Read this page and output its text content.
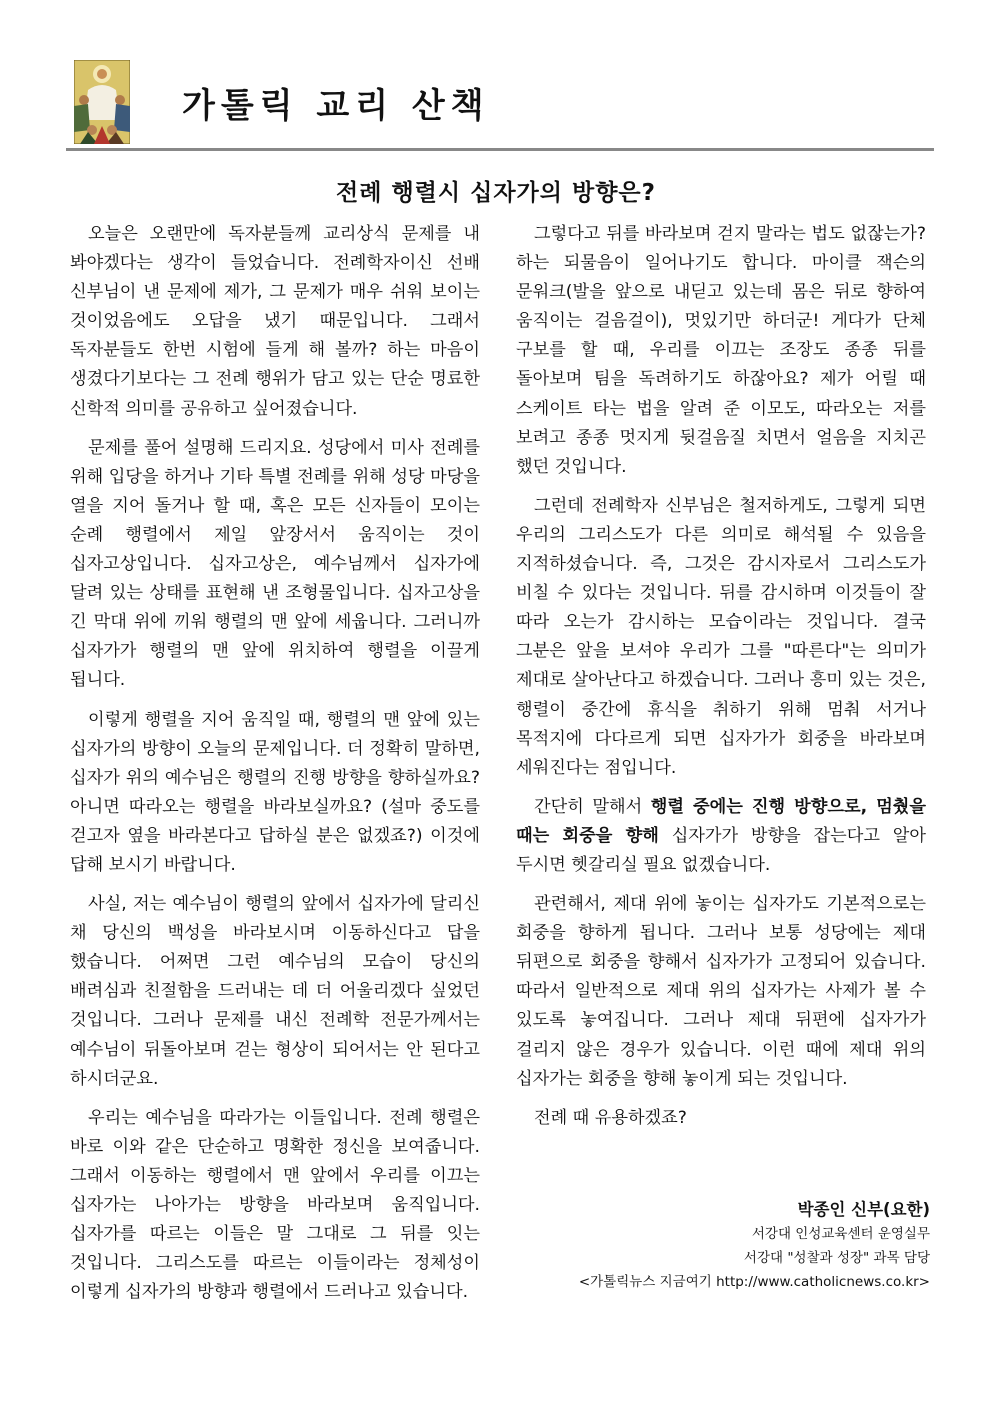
가톨릭 교리 산책
전례 행렬시 십자가의 방향은?

오늘은 오랜만에 독자분들께 교리상식 문제를 내 봐야겠다는 생각이 들었습니다. 전례학자이신 선배 신부님이 낸 문제에 제가, 그 문제가 매우 쉬워 보이는 것이었음에도 오답을 냈기 때문입니다. 그래서 독자분들도 한번 시험에 들게 해 볼까? 하는 마음이 생겼다기보다는 그 전례 행위가 담고 있는 단순 명료한 신학적 의미를 공유하고 싶어졌습니다.

문제를 풀어 설명해 드리지요. 성당에서 미사 전례를 위해 입당을 하거나 기타 특별 전례를 위해 성당 마당을 열을 지어 돌거나 할 때, 혹은 모든 신자들이 모이는 순례 행렬에서 제일 앞장서서 움직이는 것이 십자고상입니다. 십자고상은, 예수님께서 십자가에 달려 있는 상태를 표현해 낸 조형물입니다. 십자고상을 긴 막대 위에 끼워 행렬의 맨 앞에 세웁니다. 그러니까 십자가가 행렬의 맨 앞에 위치하여 행렬을 이끌게 됩니다.

이렇게 행렬을 지어 움직일 때, 행렬의 맨 앞에 있는 십자가의 방향이 오늘의 문제입니다. 더 정확히 말하면, 십자가 위의 예수님은 행렬의 진행 방향을 향하실까요? 아니면 따라오는 행렬을 바라보실까요? (설마 중도를 걷고자 옆을 바라본다고 답하실 분은 없겠죠?) 이것에 답해 보시기 바랍니다.

사실, 저는 예수님이 행렬의 앞에서 십자가에 달리신 채 당신의 백성을 바라보시며 이동하신다고 답을 했습니다. 어쩌면 그런 예수님의 모습이 당신의 배려심과 친절함을 드러내는 데 더 어울리겠다 싶었던 것입니다. 그러나 문제를 내신 전례학 전문가께서는 예수님이 뒤돌아보며 걷는 형상이 되어서는 안 된다고 하시더군요.

우리는 예수님을 따라가는 이들입니다. 전례 행렬은 바로 이와 같은 단순하고 명확한 정신을 보여줍니다. 그래서 이동하는 행렬에서 맨 앞에서 우리를 이끄는 십자가는 나아가는 방향을 바라보며 움직입니다. 십자가를 따르는 이들은 말 그대로 그 뒤를 잇는 것입니다. 그리스도를 따르는 이들이라는 정체성이 이렇게 십자가의 방향과 행렬에서 드러나고 있습니다.

그렇다고 뒤를 바라보며 걷지 말라는 법도 없잖는가? 하는 되물음이 일어나기도 합니다. 마이클 잭슨의 문워크(발을 앞으로 내딛고 있는데 몸은 뒤로 향하여 움직이는 걸음걸이), 멋있기만 하더군! 게다가 단체 구보를 할 때, 우리를 이끄는 조장도 종종 뒤를 돌아보며 팀을 독려하기도 하잖아요? 제가 어릴 때 스케이트 타는 법을 알려 준 이모도, 따라오는 저를 보려고 종종 멋지게 뒷걸음질 치면서 얼음을 지치곤 했던 것입니다.

그런데 전례학자 신부님은 철저하게도, 그렇게 되면 우리의 그리스도가 다른 의미로 해석될 수 있음을 지적하셨습니다. 즉, 그것은 감시자로서 그리스도가 비칠 수 있다는 것입니다. 뒤를 감시하며 이것들이 잘 따라 오는가 감시하는 모습이라는 것입니다. 결국 그분은 앞을 보셔야 우리가 그를 "따른다"는 의미가 제대로 살아난다고 하겠습니다. 그러나 흥미 있는 것은, 행렬이 중간에 휴식을 취하기 위해 멈춰 서거나 목적지에 다다르게 되면 십자가가 회중을 바라보며 세워진다는 점입니다.

간단히 말해서 행렬 중에는 진행 방향으로, 멈췄을 때는 회중을 향해 십자가가 방향을 잡는다고 알아 두시면 헷갈리실 필요 없겠습니다.

관련해서, 제대 위에 놓이는 십자가도 기본적으로는 회중을 향하게 됩니다. 그러나 보통 성당에는 제대 뒤편으로 회중을 향해서 십자가가 고정되어 있습니다. 따라서 일반적으로 제대 위의 십자가는 사제가 볼 수 있도록 놓여집니다. 그러나 제대 뒤편에 십자가가 걸리지 않은 경우가 있습니다. 이런 때에 제대 위의 십자가는 회중을 향해 놓이게 되는 것입니다.

전례 때 유용하겠죠?

박종인 신부(요한)
서강대 인성교육센터 운영실무
서강대 "성찰과 성장" 과목 담당
<가톨릭뉴스 지금여기 http://www.catholicnews.co.kr>
